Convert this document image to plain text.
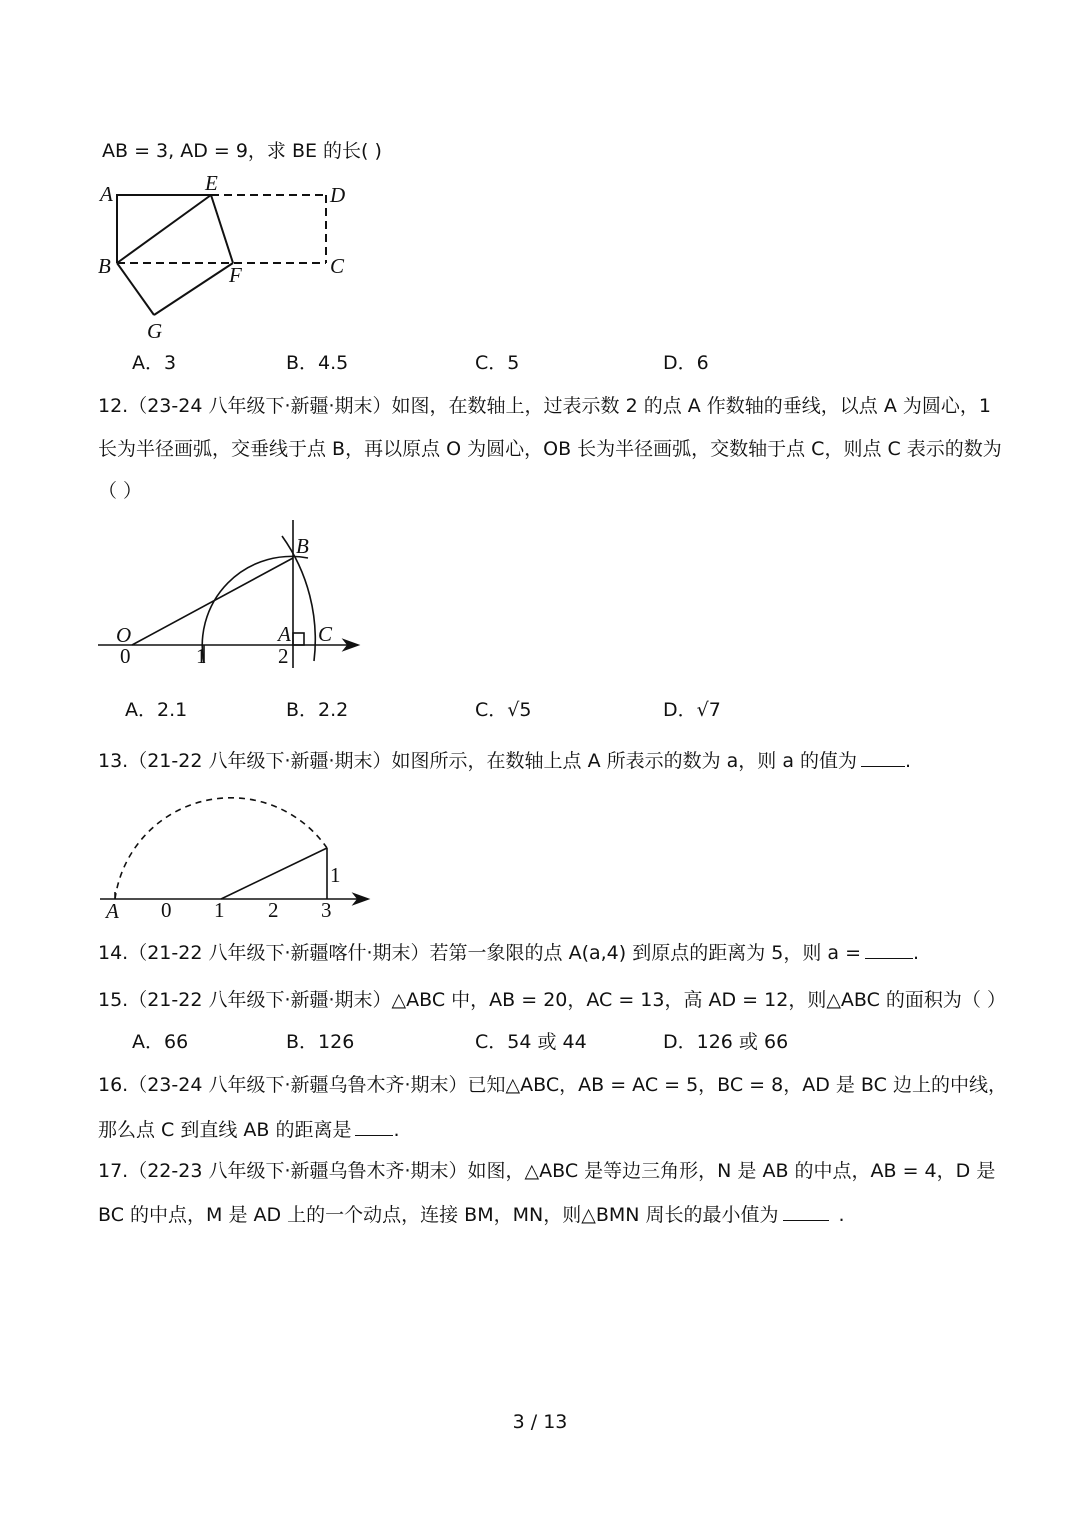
AB = 3, AD = 9，求 BE 的长( )
A	E	D
B	F	C
G
A．3	B．4.5	C．5	D．6
12.（23-24 八年级下·新疆·期末）如图，在数轴上，过表示数 2 的点 A 作数轴的垂线，以点 A 为圆心，1
长为半径画弧，交垂线于点 B，再以原点 O 为圆心，OB 长为半径画弧，交数轴于点 C，则点 C 表示的数为
（ ）
O
0	1	2
A C
B
A．2.1	B．2.2	C．√5	D．√7
13.（21-22 八年级下·新疆·期末）如图所示，在数轴上点 A 所表示的数为 a，则 a 的值为	.
A 0 1 2 3
1
14.（21-22 八年级下·新疆喀什·期末）若第一象限的点 A(a,4) 到原点的距离为 5，则 a =	.
15.（21-22 八年级下·新疆·期末）△ABC 中，AB = 20，AC = 13，高 AD = 12，则△ABC 的面积为（ ）
A．66	B．126	C．54 或 44	D．126 或 66
16.（23-24 八年级下·新疆乌鲁木齐·期末）已知△ABC，AB = AC = 5，BC = 8，AD 是 BC 边上的中线，
那么点 C 到直线 AB 的距离是 .
17.（22-23 八年级下·新疆乌鲁木齐·期末）如图，△ABC 是等边三角形，N 是 AB 的中点，AB = 4，D 是
BC 的中点，M 是 AD 上的一个动点，连接 BM，MN，则△BMN 周长的最小值为	.
3 / 13
